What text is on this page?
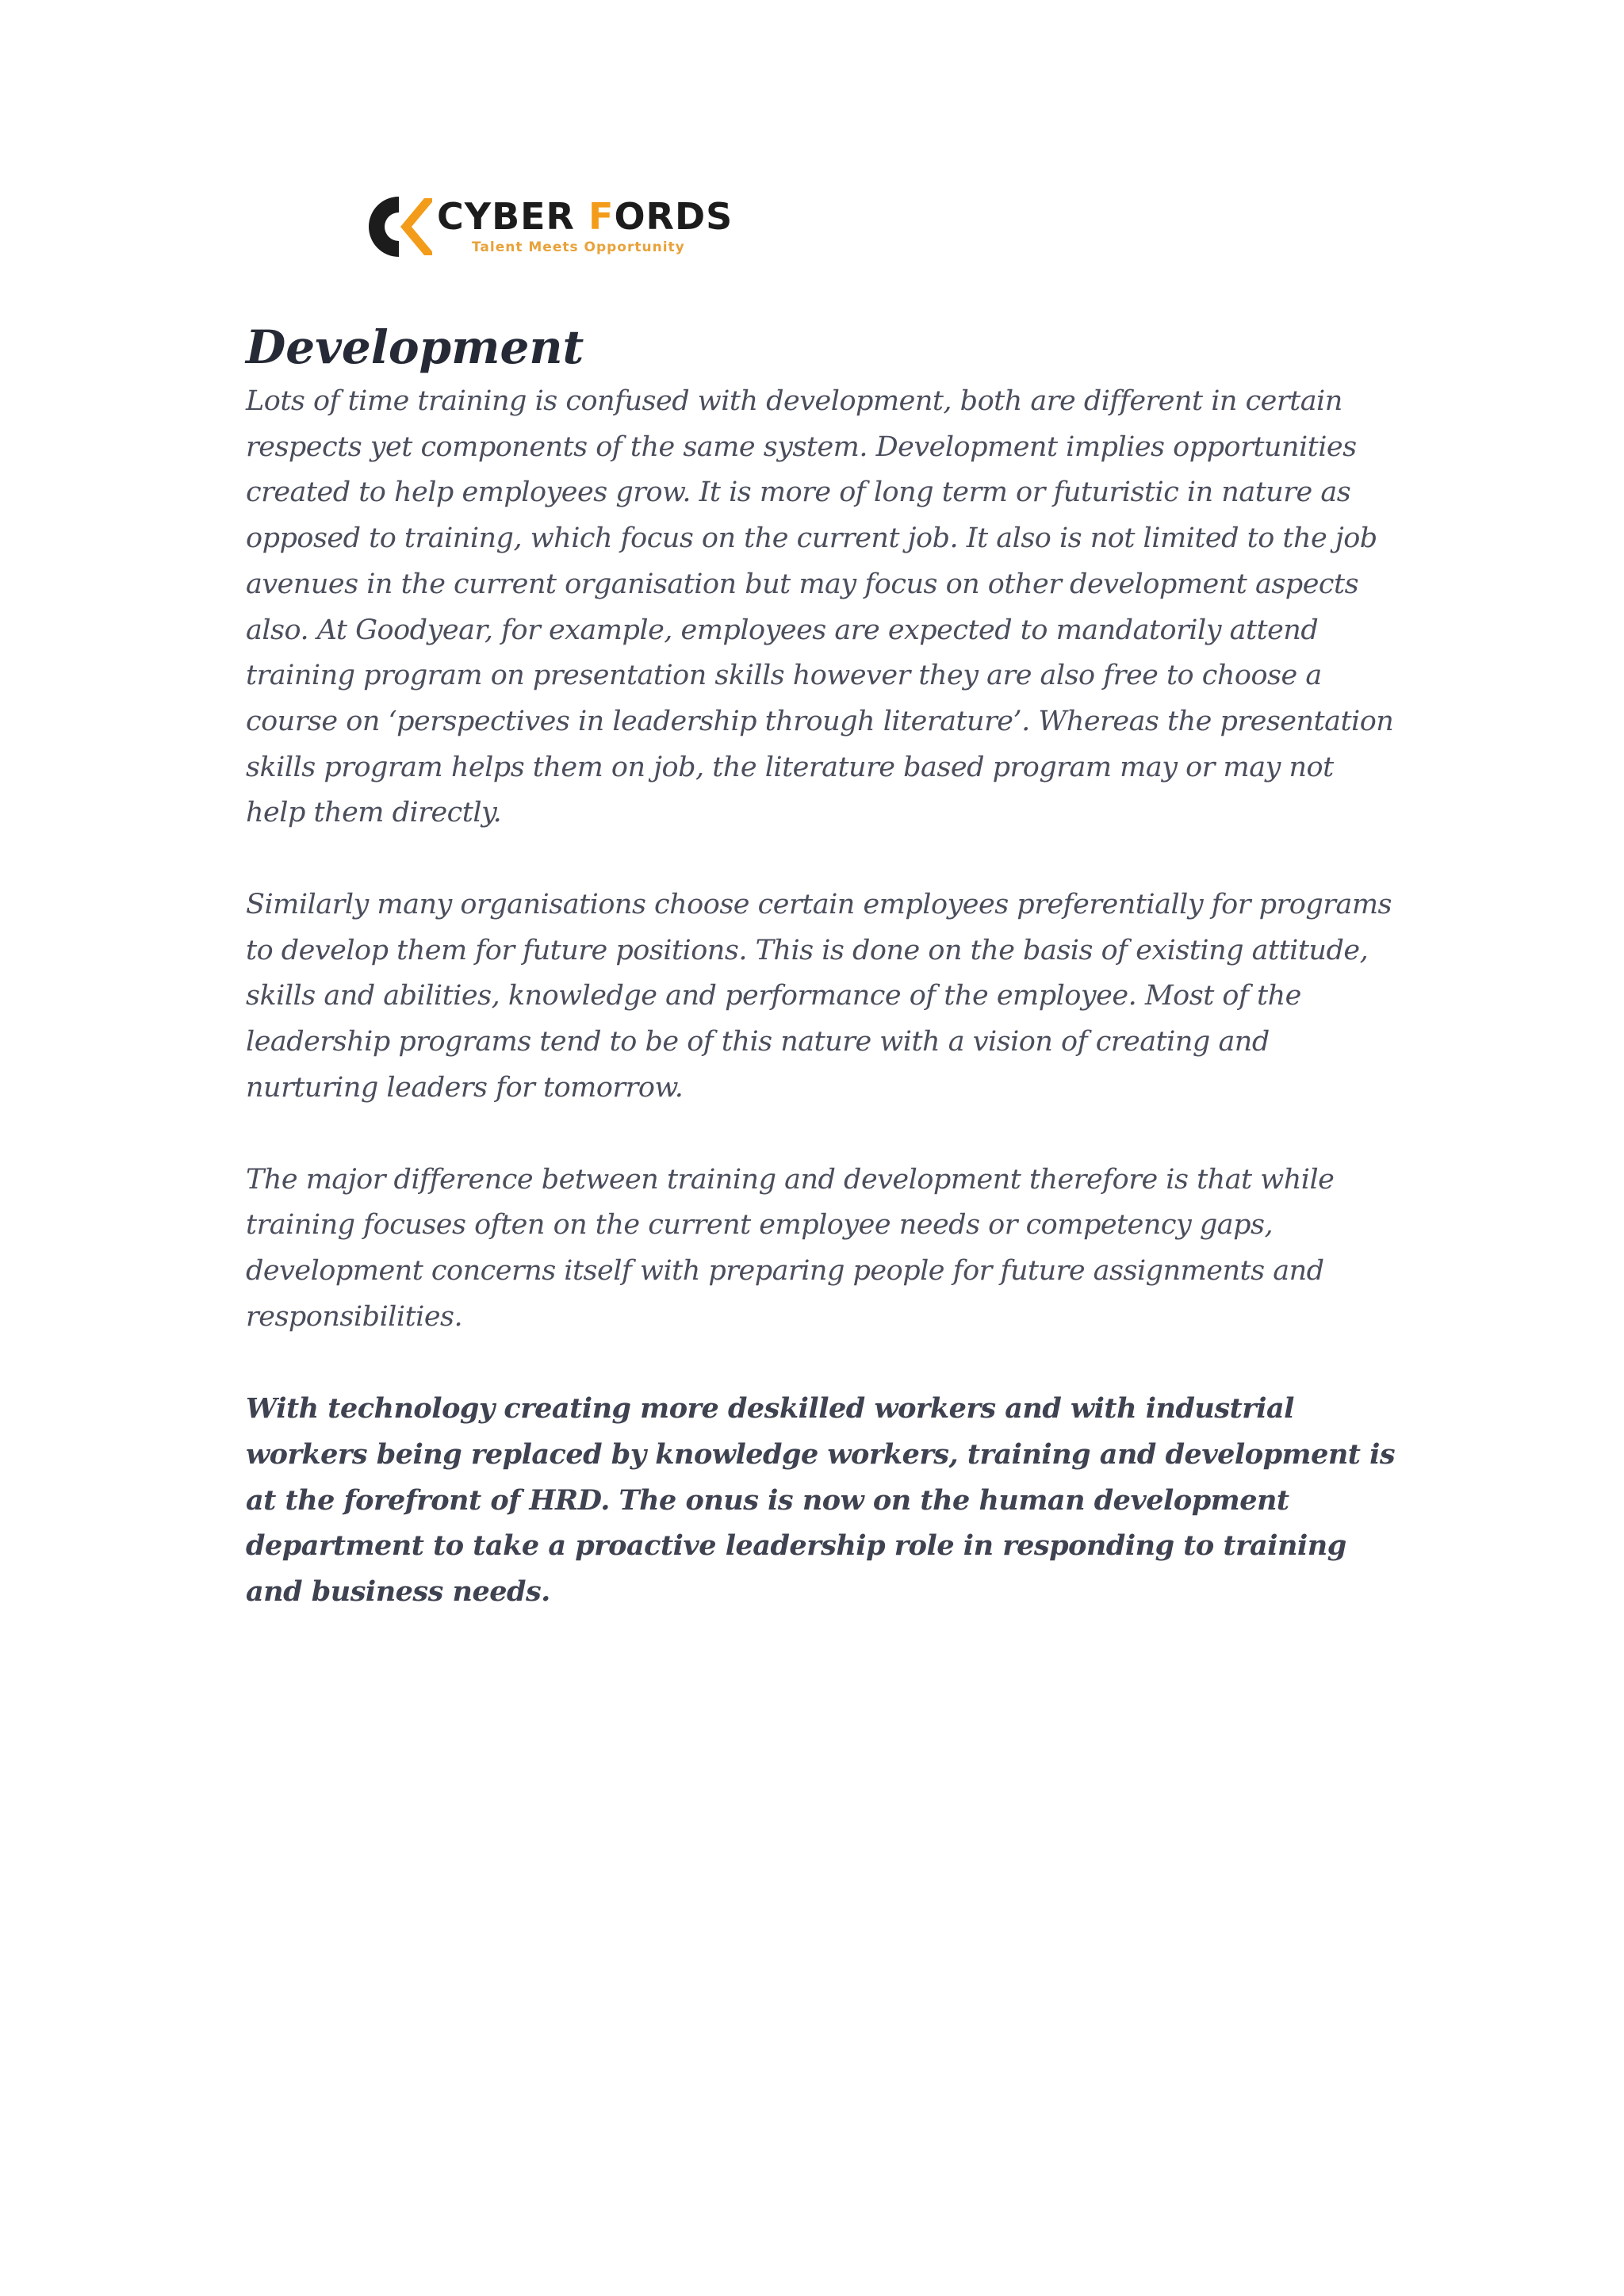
CYBER FORDS
Talent Meets Opportunity
Development

Lots of time training is confused with development, both are different in certain respects yet components of the same system. Development implies opportunities created to help employees grow. It is more of long term or futuristic in nature as opposed to training, which focus on the current job. It also is not limited to the job avenues in the current organisation but may focus on other development aspects also. At Goodyear, for example, employees are expected to mandatorily attend training program on presentation skills however they are also free to choose a course on ‘perspectives in leadership through literature’. Whereas the presentation skills program helps them on job, the literature based program may or may not help them directly.

Similarly many organisations choose certain employees preferentially for programs to develop them for future positions. This is done on the basis of existing attitude, skills and abilities, knowledge and performance of the employee. Most of the leadership programs tend to be of this nature with a vision of creating and nurturing leaders for tomorrow.

The major difference between training and development therefore is that while training focuses often on the current employee needs or competency gaps, development concerns itself with preparing people for future assignments and responsibilities.

With technology creating more deskilled workers and with industrial workers being replaced by knowledge workers, training and development is at the forefront of HRD. The onus is now on the human development department to take a proactive leadership role in responding to training and business needs.
